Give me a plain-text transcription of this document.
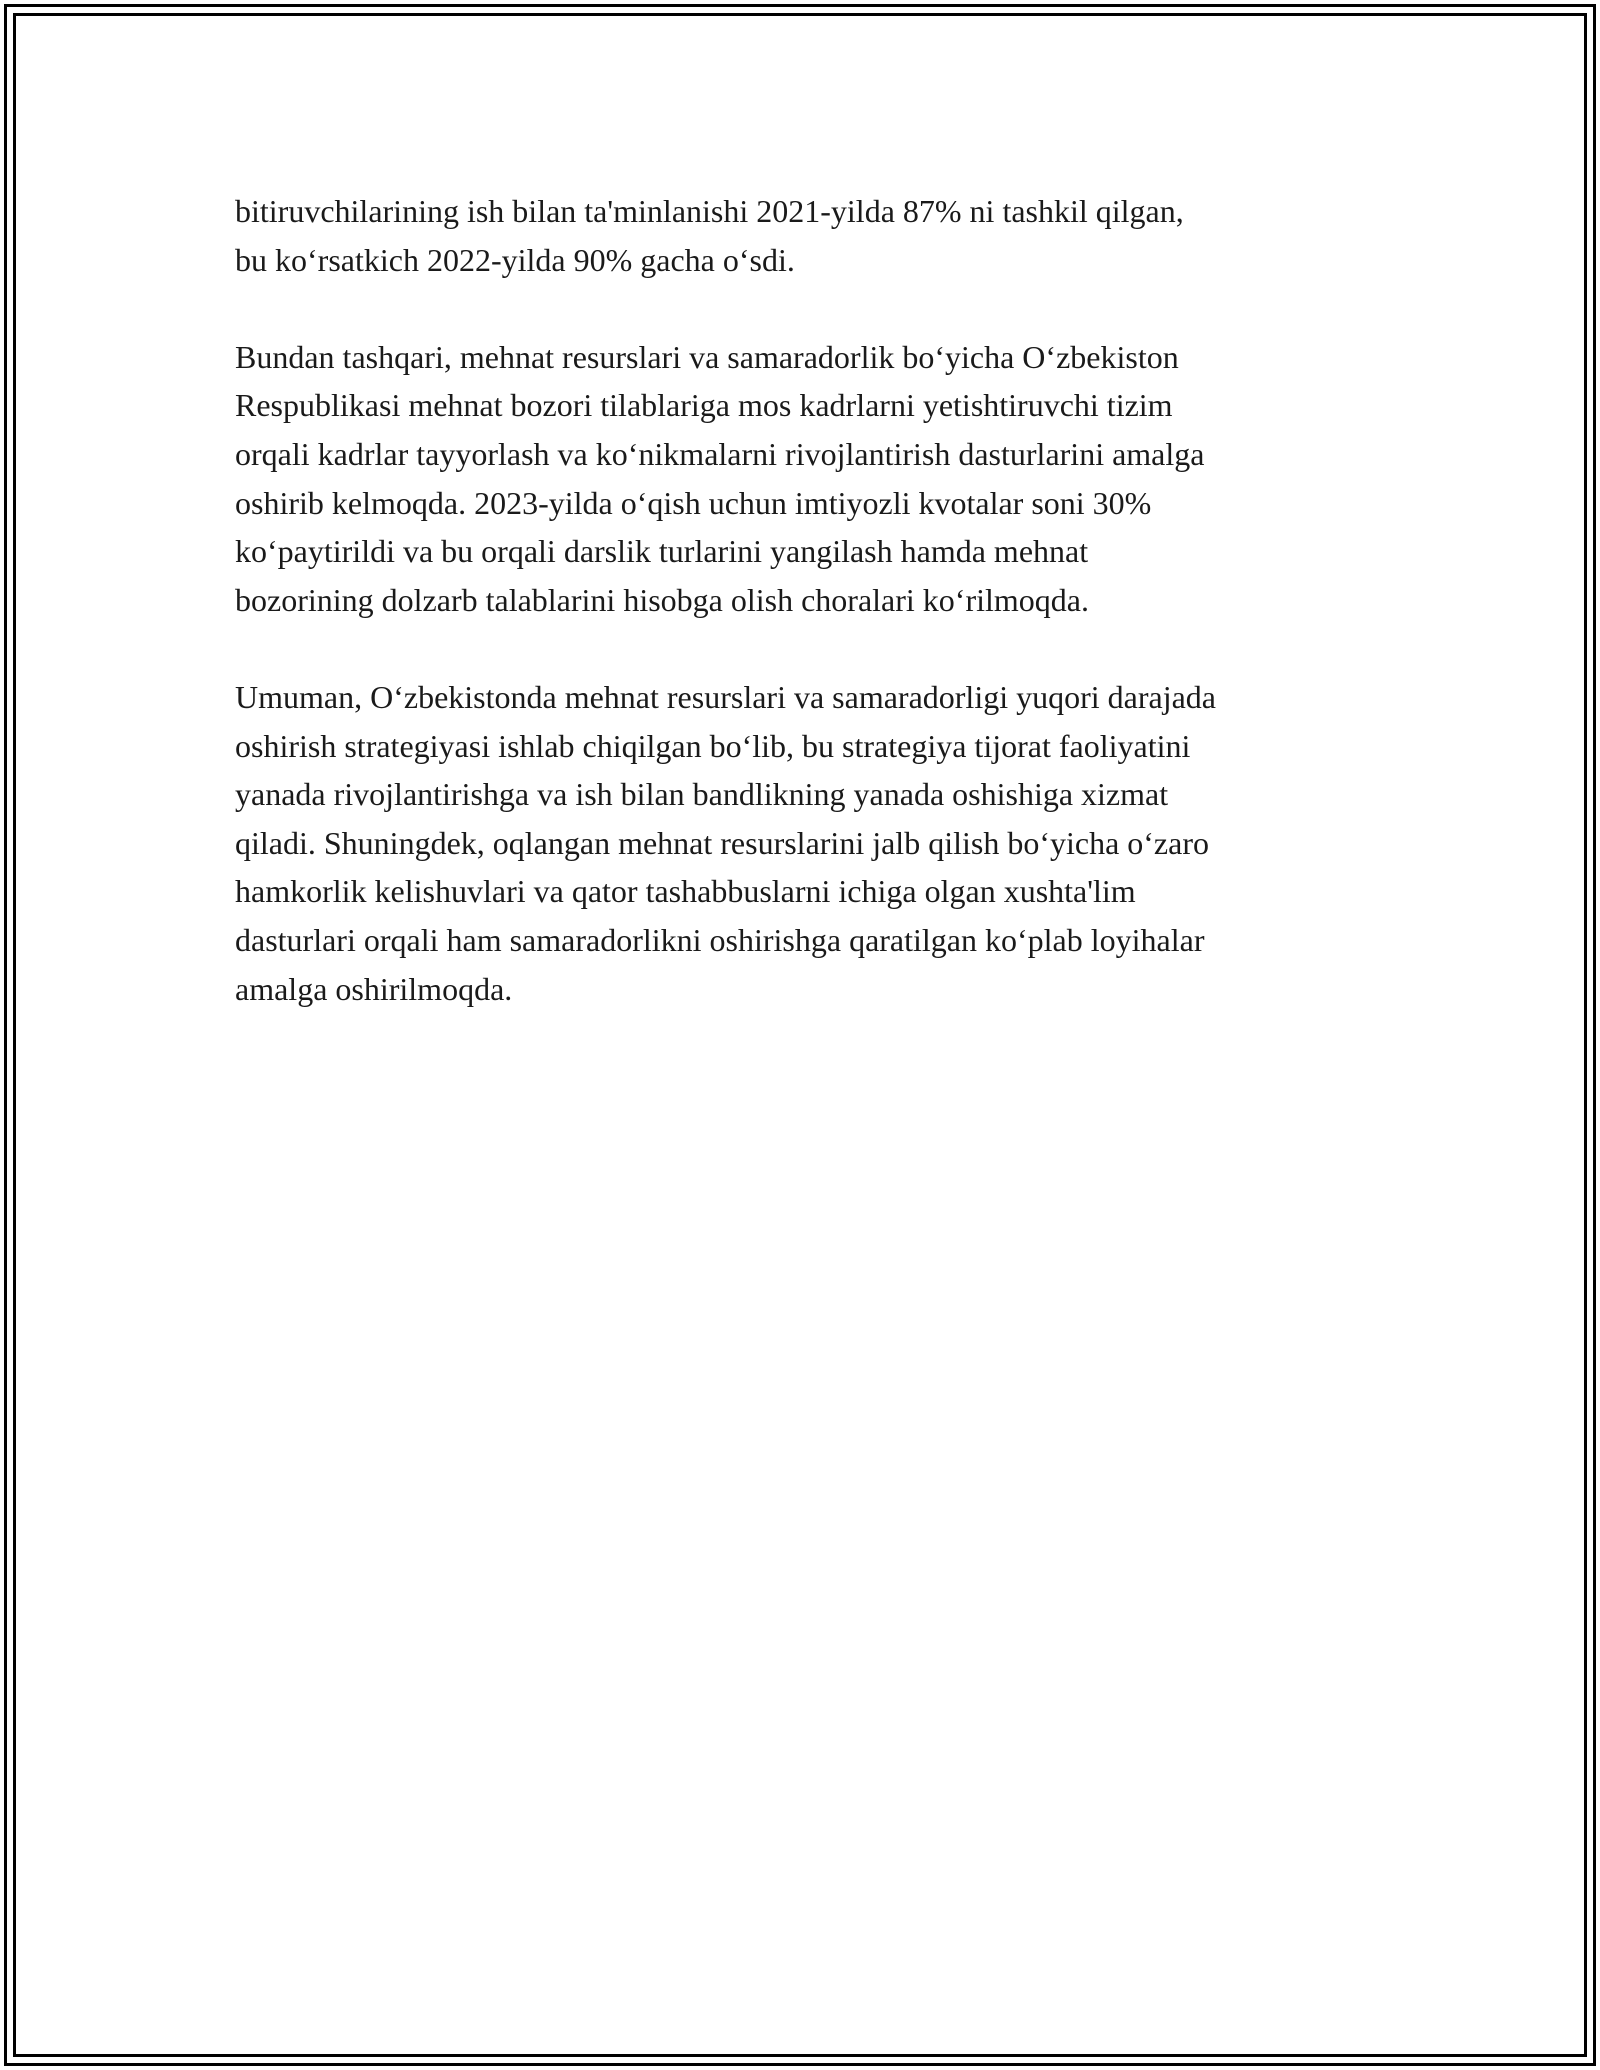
bitiruvchilarining ish bilan ta'minlanishi 2021-yilda 87% ni tashkil qilgan,
bu koʻrsatkich 2022-yilda 90% gacha oʻsdi.

Bundan tashqari, mehnat resurslari va samaradorlik boʻyicha Oʻzbekiston
Respublikasi mehnat bozori tilablariga mos kadrlarni yetishtiruvchi tizim
orqali kadrlar tayyorlash va koʻnikmalarni rivojlantirish dasturlarini amalga
oshirib kelmoqda. 2023-yilda oʻqish uchun imtiyozli kvotalar soni 30%
koʻpaytirildi va bu orqali darslik turlarini yangilash hamda mehnat
bozorining dolzarb talablarini hisobga olish choralari koʻrilmoqda.

Umuman, Oʻzbekistonda mehnat resurslari va samaradorligi yuqori darajada
oshirish strategiyasi ishlab chiqilgan boʻlib, bu strategiya tijorat faoliyatini
yanada rivojlantirishga va ish bilan bandlikning yanada oshishiga xizmat
qiladi. Shuningdek, oqlangan mehnat resurslarini jalb qilish boʻyicha oʻzaro
hamkorlik kelishuvlari va qator tashabbuslarni ichiga olgan xushta'lim
dasturlari orqali ham samaradorlikni oshirishga qaratilgan koʻplab loyihalar
amalga oshirilmoqda.
